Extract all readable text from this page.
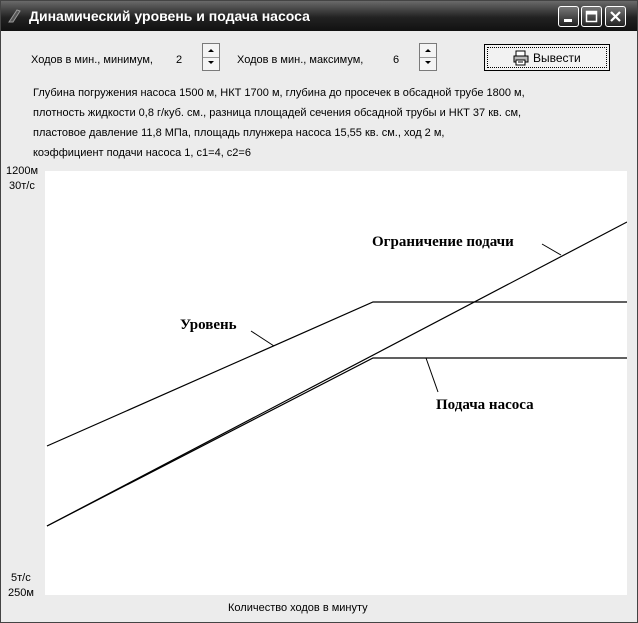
Динамический уровень и подача насоса
Ходов в мин., минимум, 2	Ходов в мин., максимум,	6	Вывести
Глубина погружения насоса 1500 м, НКТ 1700 м, глубина до просечек в обсадной трубе 1800 м,
плотность жидкости 0,8 г/куб. см., разница площадей сечения обсадной трубы и НКТ 37 кв. см,
пластовое давление 11,8 МПа, площадь плунжера насоса 15,55 кв. см., ход 2 м,
коэффициент подачи насоса 1, с1=4, с2=6
1200м
30т/с
5т/с
250м
Количество ходов в минуту
Уровень
Ограничение подачи
Подача насоса
